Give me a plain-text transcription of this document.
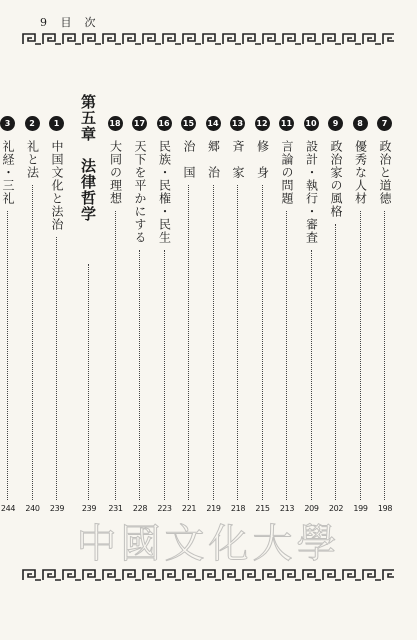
9 目　次
7
政治と道徳
198
8
優秀な人材
199
9
政治家の風格
202
10
設計・執行・審査
209
11
言論の問題
213
12
修　身
215
13
斉　家
218
14
郷　治
219
15
治　国
221
16
民族・民権・民生
223
17
天下を平かにする
228
18
大同の理想
231
第五章　法律哲学
239
1
中国文化と法治
239
2
礼と法
240
3
礼経・三礼
244
中國文化大學
